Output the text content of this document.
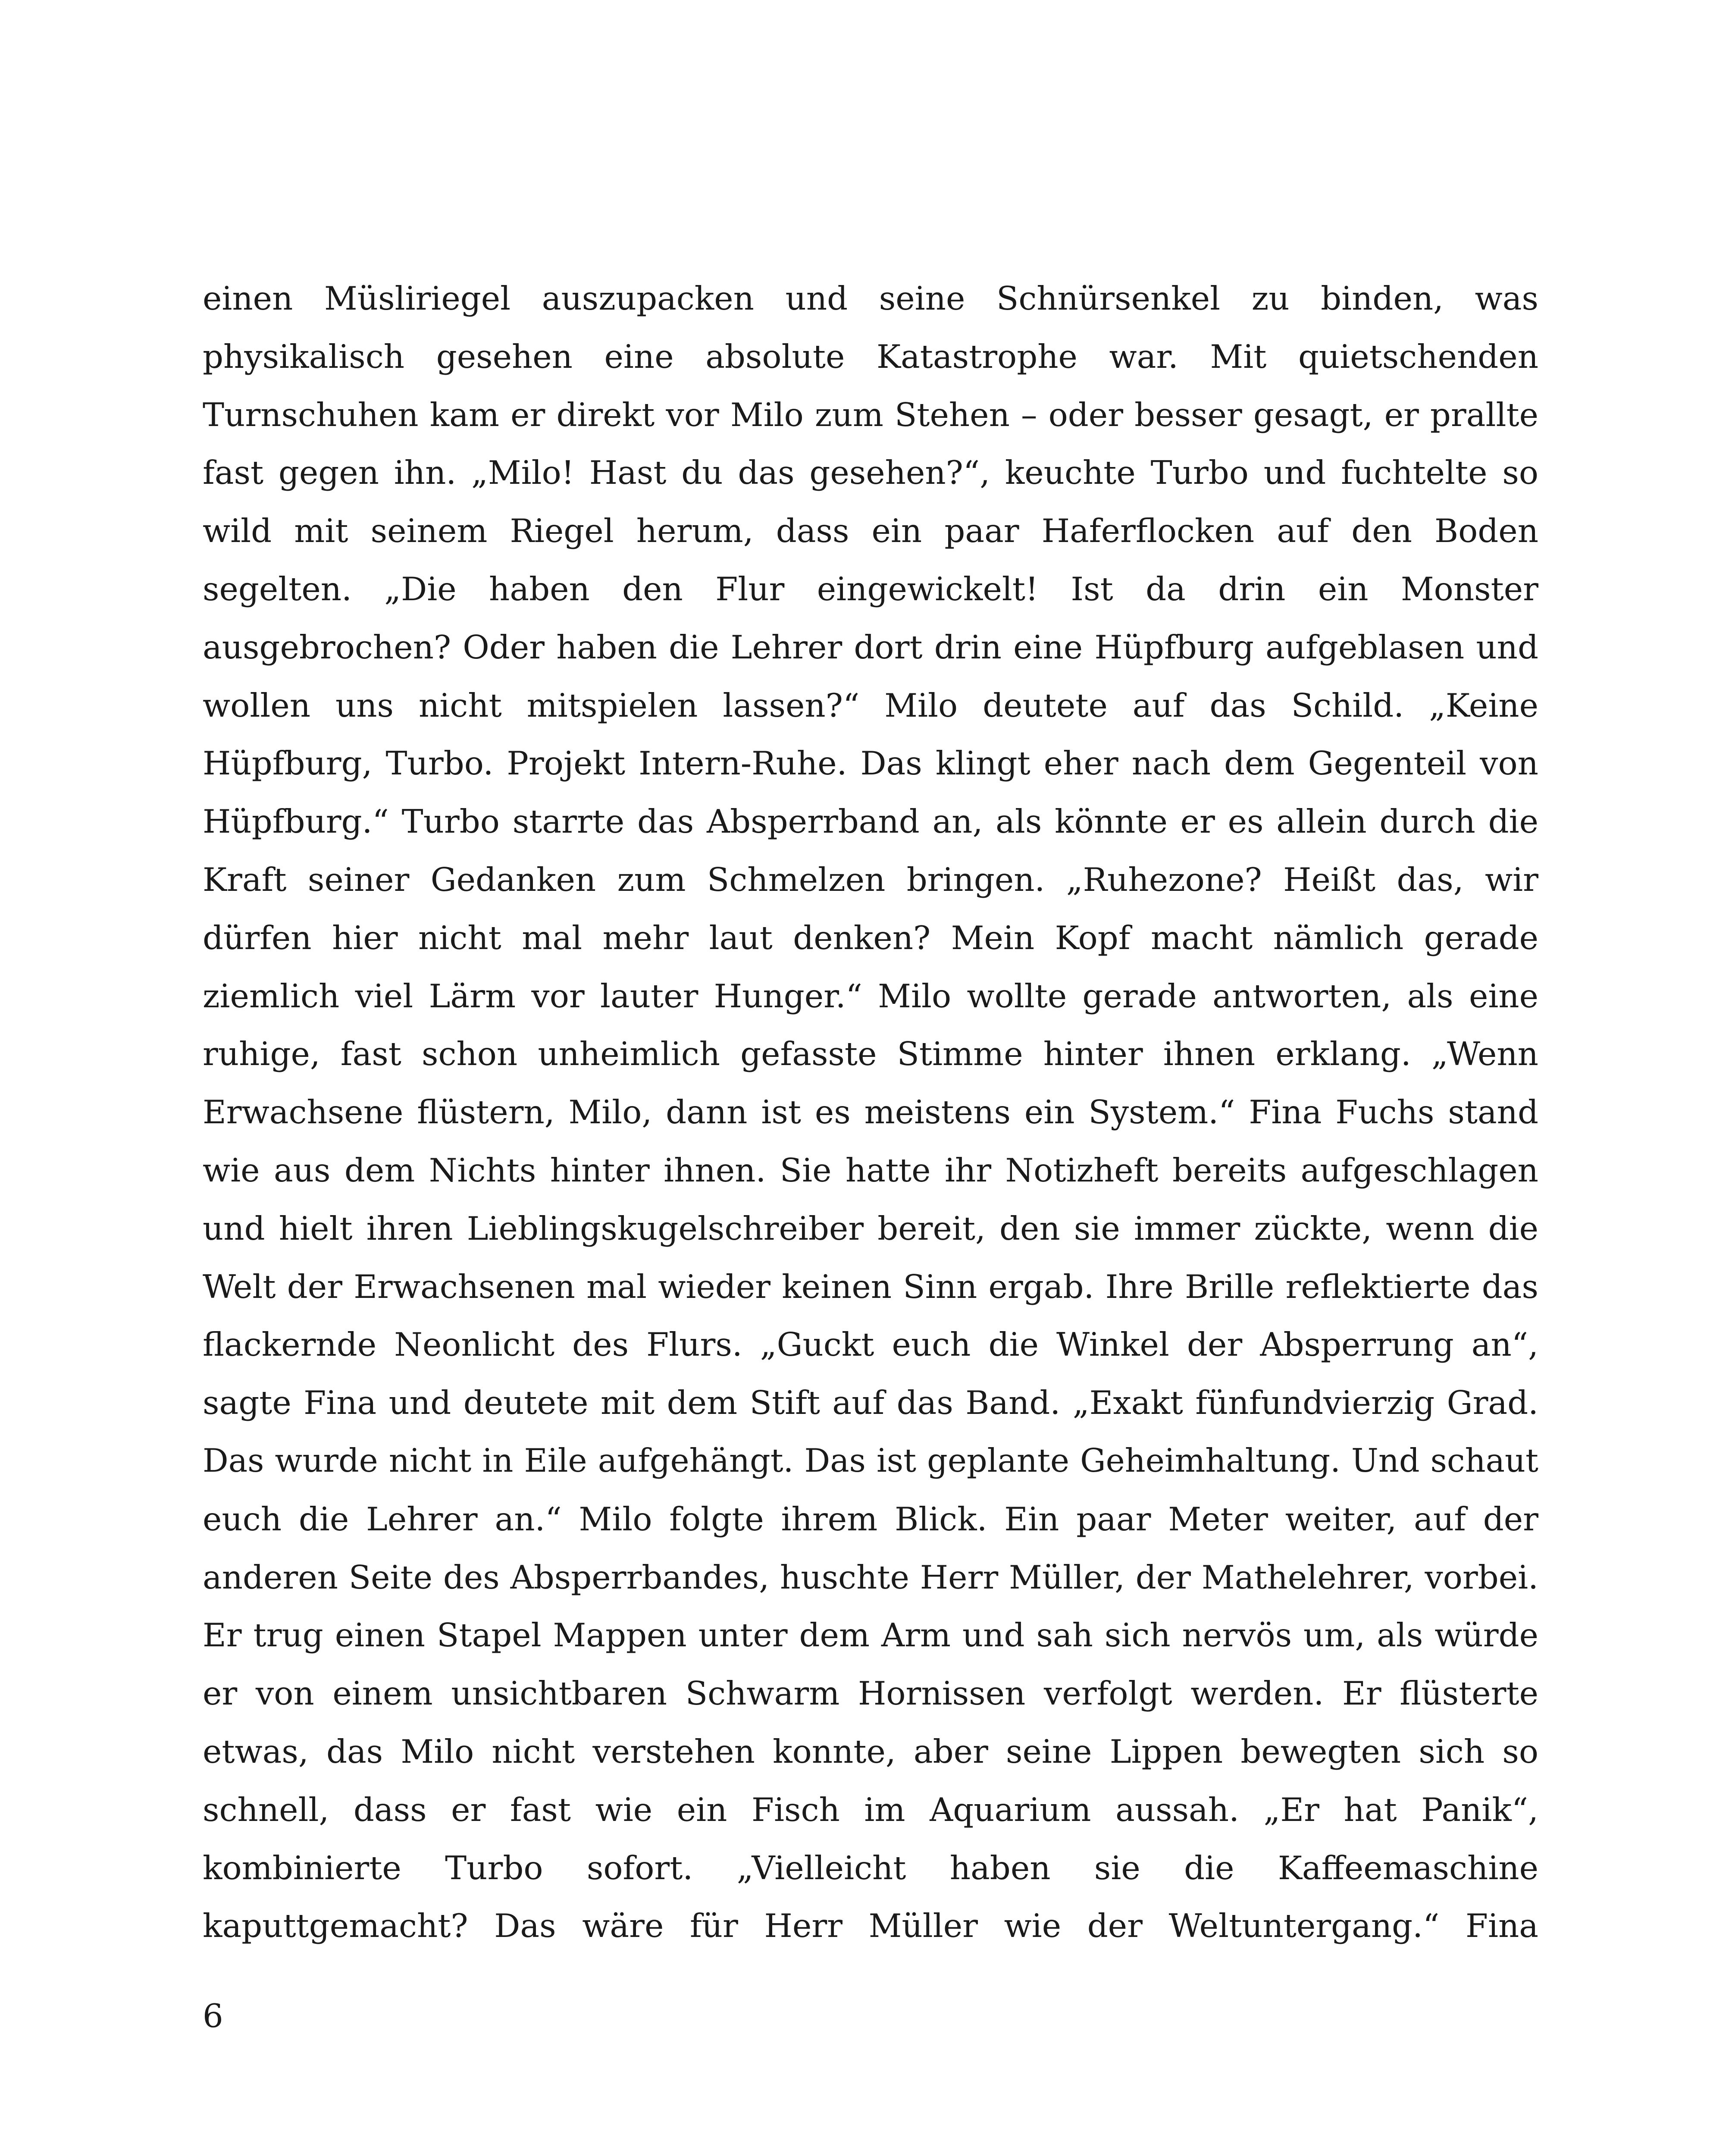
einen Müsliriegel auszupacken und seine Schnürsenkel zu binden, was
physikalisch gesehen eine absolute Katastrophe war. Mit quietschenden
Turnschuhen kam er direkt vor Milo zum Stehen – oder besser gesagt, er prallte
fast gegen ihn. „Milo! Hast du das gesehen?“, keuchte Turbo und fuchtelte so
wild mit seinem Riegel herum, dass ein paar Haferflocken auf den Boden
segelten. „Die haben den Flur eingewickelt! Ist da drin ein Monster
ausgebrochen? Oder haben die Lehrer dort drin eine Hüpfburg aufgeblasen und
wollen uns nicht mitspielen lassen?“ Milo deutete auf das Schild. „Keine
Hüpfburg, Turbo. Projekt Intern-Ruhe. Das klingt eher nach dem Gegenteil von
Hüpfburg.“ Turbo starrte das Absperrband an, als könnte er es allein durch die
Kraft seiner Gedanken zum Schmelzen bringen. „Ruhezone? Heißt das, wir
dürfen hier nicht mal mehr laut denken? Mein Kopf macht nämlich gerade
ziemlich viel Lärm vor lauter Hunger.“ Milo wollte gerade antworten, als eine
ruhige, fast schon unheimlich gefasste Stimme hinter ihnen erklang. „Wenn
Erwachsene flüstern, Milo, dann ist es meistens ein System.“ Fina Fuchs stand
wie aus dem Nichts hinter ihnen. Sie hatte ihr Notizheft bereits aufgeschlagen
und hielt ihren Lieblingskugelschreiber bereit, den sie immer zückte, wenn die
Welt der Erwachsenen mal wieder keinen Sinn ergab. Ihre Brille reflektierte das
flackernde Neonlicht des Flurs. „Guckt euch die Winkel der Absperrung an“,
sagte Fina und deutete mit dem Stift auf das Band. „Exakt fünfundvierzig Grad.
Das wurde nicht in Eile aufgehängt. Das ist geplante Geheimhaltung. Und schaut
euch die Lehrer an.“ Milo folgte ihrem Blick. Ein paar Meter weiter, auf der
anderen Seite des Absperrbandes, huschte Herr Müller, der Mathelehrer, vorbei.
Er trug einen Stapel Mappen unter dem Arm und sah sich nervös um, als würde
er von einem unsichtbaren Schwarm Hornissen verfolgt werden. Er flüsterte
etwas, das Milo nicht verstehen konnte, aber seine Lippen bewegten sich so
schnell, dass er fast wie ein Fisch im Aquarium aussah. „Er hat Panik“,
kombinierte Turbo sofort. „Vielleicht haben sie die Kaffeemaschine
kaputtgemacht? Das wäre für Herr Müller wie der Weltuntergang.“ Fina
6
